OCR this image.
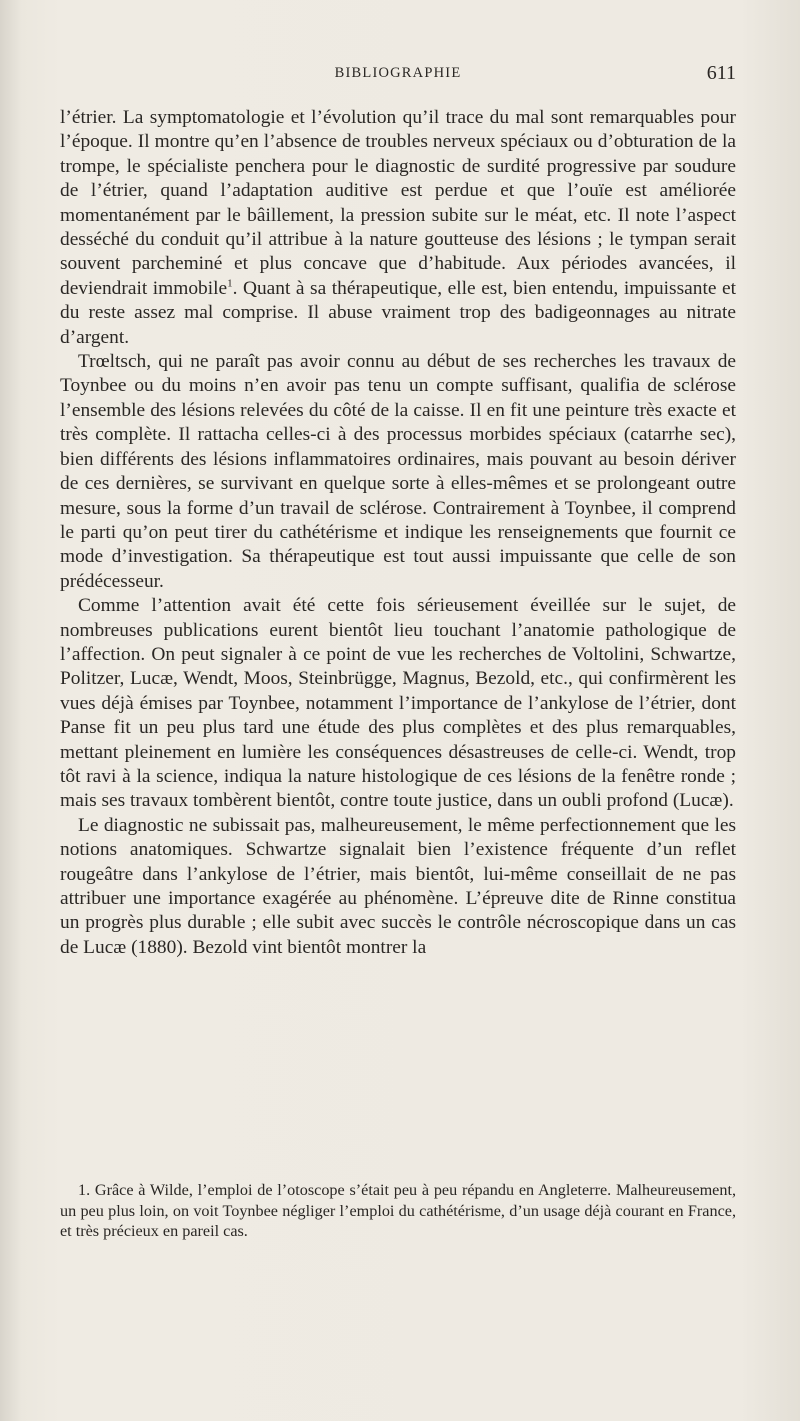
BIBLIOGRAPHIE	611

l’étrier. La symptomatologie et l’évolution qu’il trace du mal sont remarquables pour l’époque. Il montre qu’en l’absence de troubles nerveux spéciaux ou d’obturation de la trompe, le spécialiste penchera pour le diagnostic de surdité progressive par soudure de l’étrier, quand l’adaptation auditive est perdue et que l’ouïe est améliorée momentanément par le bâillement, la pression subite sur le méat, etc. Il note l’aspect desséché du conduit qu’il attribue à la nature goutteuse des lésions ; le tympan serait souvent parcheminé et plus concave que d’habitude. Aux périodes avancées, il deviendrait immobile$^1$. Quant à sa thérapeutique, elle est, bien entendu, impuissante et du reste assez mal comprise. Il abuse vraiment trop des badigeonnages au nitrate d’argent.

Trœltsch, qui ne paraît pas avoir connu au début de ses recherches les travaux de Toynbee ou du moins n’en avoir pas tenu un compte suffisant, qualifia de sclérose l’ensemble des lésions relevées du côté de la caisse. Il en fit une peinture très exacte et très complète. Il rattacha celles-ci à des processus morbides spéciaux (catarrhe sec), bien différents des lésions inflammatoires ordinaires, mais pouvant au besoin dériver de ces dernières, se survivant en quelque sorte à elles-mêmes et se prolongeant outre mesure, sous la forme d’un travail de sclérose. Contrairement à Toynbee, il comprend le parti qu’on peut tirer du cathétérisme et indique les renseignements que fournit ce mode d’investigation. Sa thérapeutique est tout aussi impuissante que celle de son prédécesseur.

Comme l’attention avait été cette fois sérieusement éveillée sur le sujet, de nombreuses publications eurent bientôt lieu touchant l’anatomie pathologique de l’affection. On peut signaler à ce point de vue les recherches de Voltolini, Schwartze, Politzer, Lucæ, Wendt, Moos, Steinbrügge, Magnus, Bezold, etc., qui confirmèrent les vues déjà émises par Toynbee, notamment l’importance de l’ankylose de l’étrier, dont Panse fit un peu plus tard une étude des plus complètes et des plus remarquables, mettant pleinement en lumière les conséquences désastreuses de celle-ci. Wendt, trop tôt ravi à la science, indiqua la nature histologique de ces lésions de la fenêtre ronde ; mais ses travaux tombèrent bientôt, contre toute justice, dans un oubli profond (Lucæ).

Le diagnostic ne subissait pas, malheureusement, le même perfectionnement que les notions anatomiques. Schwartze signalait bien l’existence fréquente d’un reflet rougeâtre dans l’ankylose de l’étrier, mais bientôt, lui-même conseillait de ne pas attribuer une importance exagérée au phénomène. L’épreuve dite de Rinne constitua un progrès plus durable ; elle subit avec succès le contrôle nécroscopique dans un cas de Lucæ (1880). Bezold vint bientôt montrer la

1. Grâce à Wilde, l’emploi de l’otoscope s’était peu à peu répandu en Angleterre. Malheureusement, un peu plus loin, on voit Toynbee négliger l’emploi du cathétérisme, d’un usage déjà courant en France, et très précieux en pareil cas.
